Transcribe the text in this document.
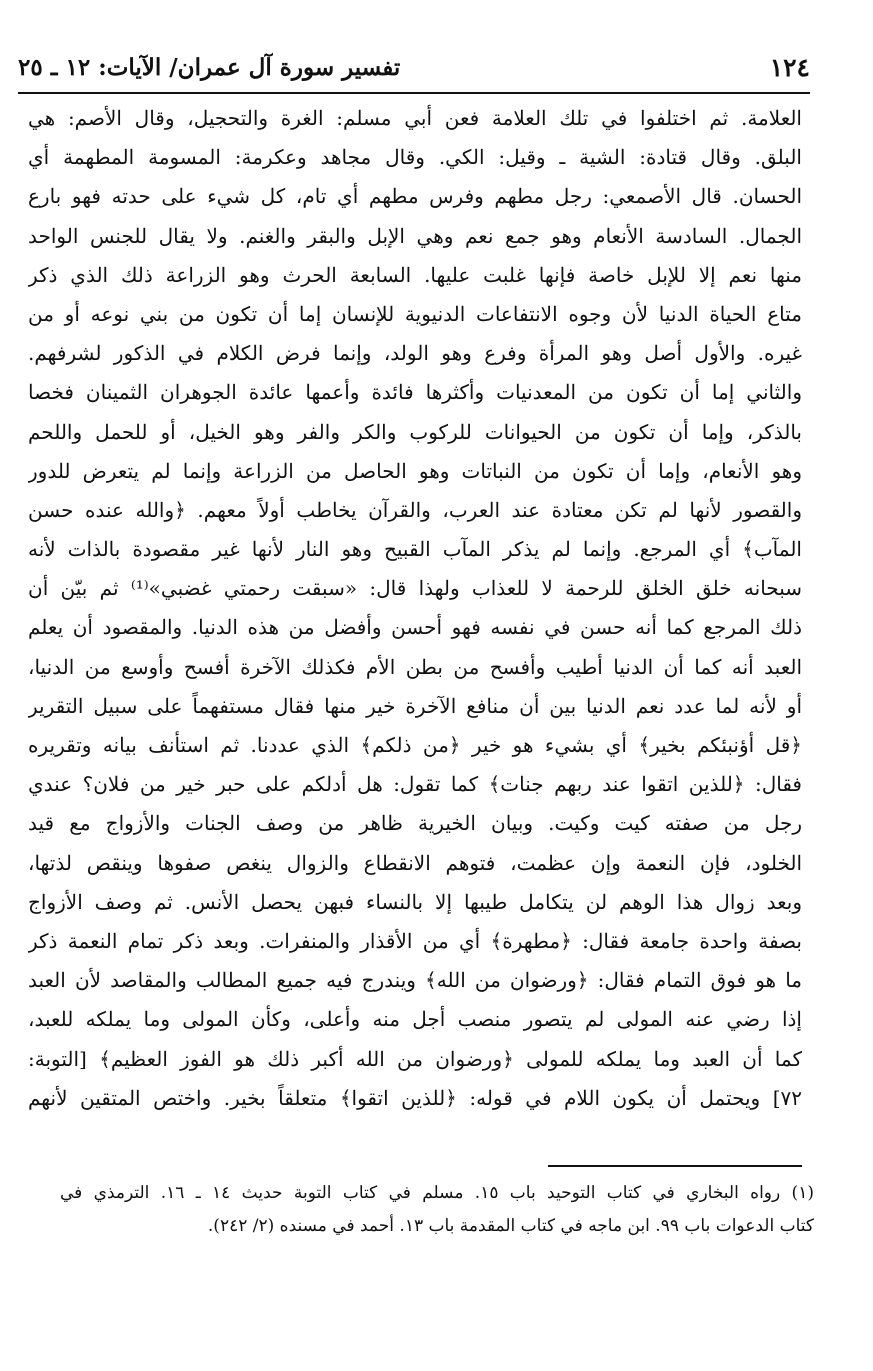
١٢٤
تفسير سورة آل عمران/ الآيات: ١٢ ـ ٢٥
العلامة. ثم اختلفوا في تلك العلامة فعن أبي مسلم: الغرة والتحجيل، وقال الأصم: هي
البلق. وقال قتادة: الشية ـ وقيل: الكي. وقال مجاهد وعكرمة: المسومة المطهمة أي
الحسان. قال الأصمعي: رجل مطهم وفرس مطهم أي تام، كل شيء على حدته فهو بارع
الجمال. السادسة الأنعام وهو جمع نعم وهي الإبل والبقر والغنم. ولا يقال للجنس الواحد
منها نعم إلا للإبل خاصة فإنها غلبت عليها. السابعة الحرث وهو الزراعة ذلك الذي ذكر
متاع الحياة الدنيا لأن وجوه الانتفاعات الدنيوية للإنسان إما أن تكون من بني نوعه أو من
غيره. والأول أصل وهو المرأة وفرع وهو الولد، وإنما فرض الكلام في الذكور لشرفهم.
والثاني إما أن تكون من المعدنيات وأكثرها فائدة وأعمها عائدة الجوهران الثمينان فخصا
بالذكر، وإما أن تكون من الحيوانات للركوب والكر والفر وهو الخيل، أو للحمل واللحم
وهو الأنعام، وإما أن تكون من النباتات وهو الحاصل من الزراعة وإنما لم يتعرض للدور
والقصور لأنها لم تكن معتادة عند العرب، والقرآن يخاطب أولاً معهم. ﴿والله عنده حسن
المآب﴾ أي المرجع. وإنما لم يذكر المآب القبيح وهو النار لأنها غير مقصودة بالذات لأنه
سبحانه خلق الخلق للرحمة لا للعذاب ولهذا قال: «سبقت رحمتي غضبي»⁽¹⁾ ثم بيّن أن
ذلك المرجع كما أنه حسن في نفسه فهو أحسن وأفضل من هذه الدنيا. والمقصود أن يعلم
العبد أنه كما أن الدنيا أطيب وأفسح من بطن الأم فكذلك الآخرة أفسح وأوسع من الدنيا،
أو لأنه لما عدد نعم الدنيا بين أن منافع الآخرة خير منها فقال مستفهماً على سبيل التقرير
﴿قل أؤنبئكم بخير﴾ أي بشيء هو خير ﴿من ذلكم﴾ الذي عددنا. ثم استأنف بيانه وتقريره
فقال: ﴿للذين اتقوا عند ربهم جنات﴾ كما تقول: هل أدلكم على حبر خير من فلان؟ عندي
رجل من صفته كيت وكيت. وبيان الخيرية ظاهر من وصف الجنات والأزواج مع قيد
الخلود، فإن النعمة وإن عظمت، فتوهم الانقطاع والزوال ينغص صفوها وينقص لذتها،
وبعد زوال هذا الوهم لن يتكامل طيبها إلا بالنساء فبهن يحصل الأنس. ثم وصف الأزواج
بصفة واحدة جامعة فقال: ﴿مطهرة﴾ أي من الأقذار والمنفرات. وبعد ذكر تمام النعمة ذكر
ما هو فوق التمام فقال: ﴿ورضوان من الله﴾ ويندرج فيه جميع المطالب والمقاصد لأن العبد
إذا رضي عنه المولى لم يتصور منصب أجل منه وأعلى، وكأن المولى وما يملكه للعبد،
كما أن العبد وما يملكه للمولى ﴿ورضوان من الله أكبر ذلك هو الفوز العظيم﴾ [التوبة:
٧٢] ويحتمل أن يكون اللام في قوله: ﴿للذين اتقوا﴾ متعلقاً بخير. واختص المتقين لأنهم
(١) رواه البخاري في كتاب التوحيد باب ١٥. مسلم في كتاب التوبة حديث ١٤ ـ ١٦. الترمذي في
كتاب الدعوات باب ٩٩. ابن ماجه في كتاب المقدمة باب ١٣. أحمد في مسنده (٢/ ٢٤٢).
